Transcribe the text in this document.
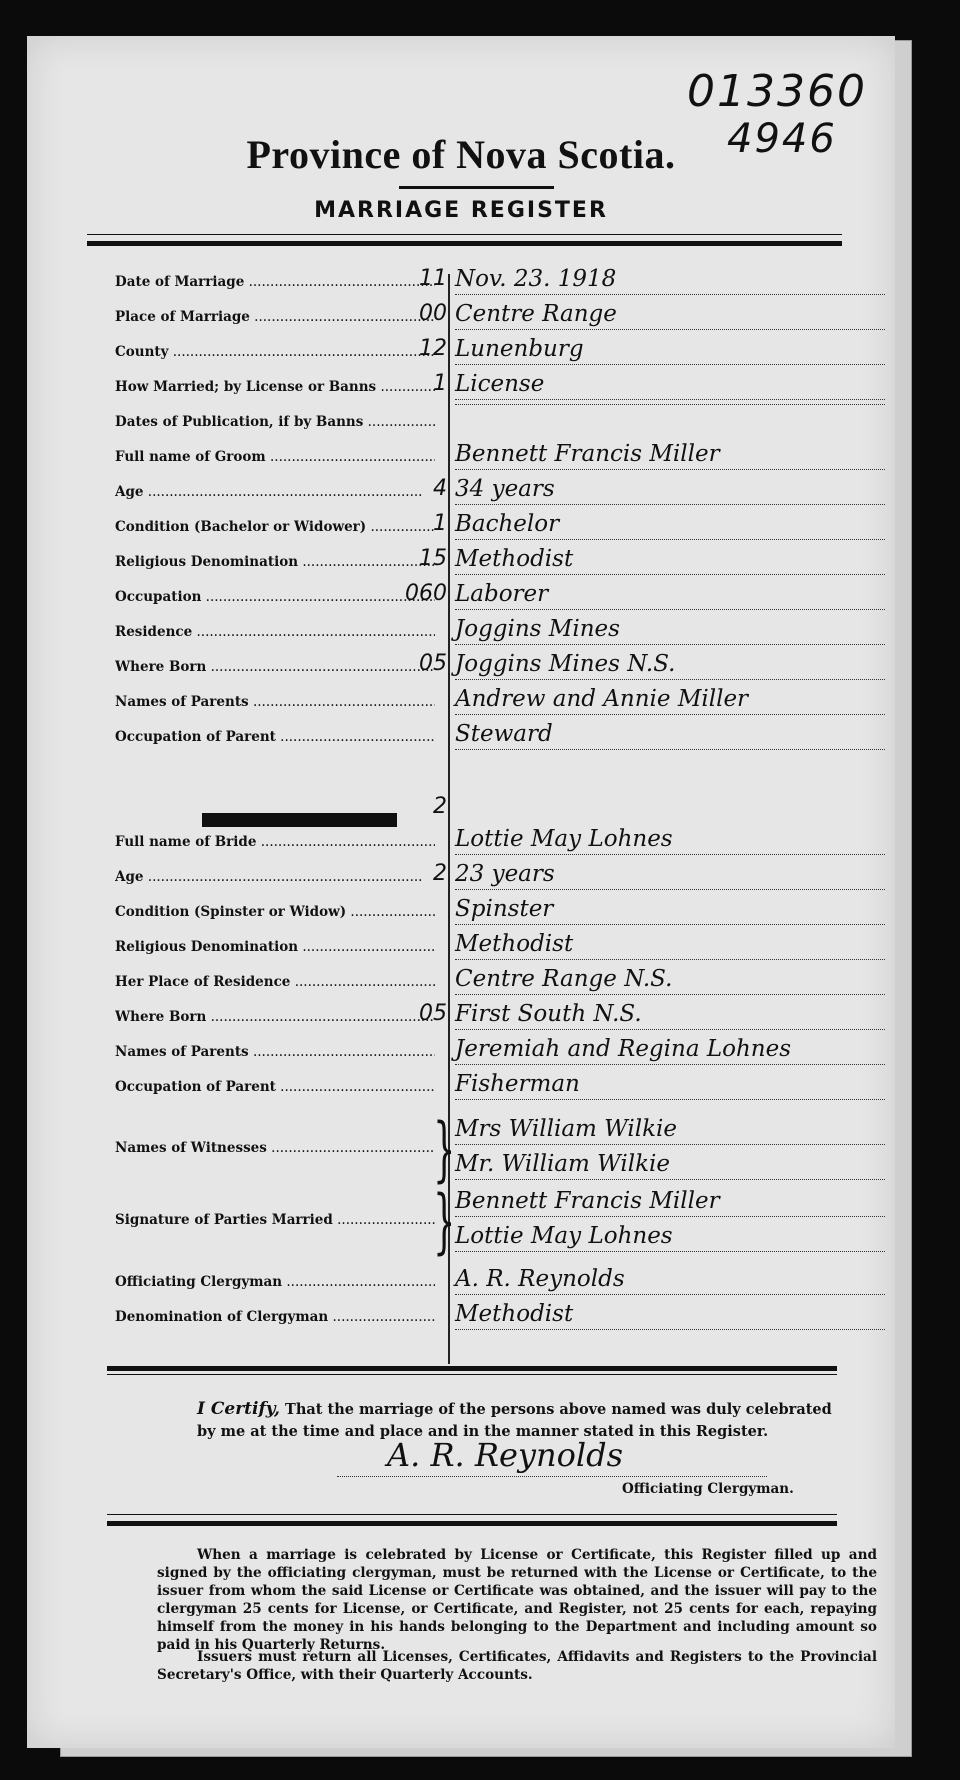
013360
4946
Province of Nova Scotia.
MARRIAGE REGISTER
Date of Marriage .....	11 Nov. 23. 1918
Place of Marriage .....	00 Centre Range
County .....	12 Lunenburg
How Married; by License or Banns .....	1 License
Dates of Publication, if by Banns .....
Full name of Groom .....	Bennett Francis Miller
Age .....	4 34 years
Condition (Bachelor or Widower) .....	1 Bachelor
Religious Denomination .....	15 Methodist
Occupation .....	060 Laborer
Residence .....	Joggins Mines
Where Born .....	05 Joggins Mines N.S.
Names of Parents .....	Andrew and Annie Miller
Occupation of Parent .....	Steward
2
Full name of Bride .....	Lottie May Lohnes
Age .....	2 23 years
Condition (Spinster or Widow) .....	Spinster
Religious Denomination .....	Methodist
Her Place of Residence .....	Centre Range N.S.
Where Born .....	05 First South N.S.
Names of Parents .....	Jeremiah and Regina Lohnes
Occupation of Parent .....	Fisherman
Names of Witnesses .....	} Mrs William Wilkie
Mr. William Wilkie
Signature of Parties Married .....	} Bennett Francis Miller
Lottie May Lohnes
Officiating Clergyman .....	A. R. Reynolds
Denomination of Clergyman .....	Methodist
I Certify, That the marriage of the persons above named was duly celebrated by me at the time and place and in the manner stated in this Register.
A. R. Reynolds
Officiating Clergyman.
When a marriage is celebrated by License or Certificate, this Register filled up and signed by the officiating clergyman, must be returned with the License or Certificate, to the issuer from whom the said License or Certificate was obtained, and the issuer will pay to the clergyman 25 cents for License, or Certificate, and Register, not 25 cents for each, repaying himself from the money in his hands belonging to the Department and including amount so paid in his Quarterly Returns.
Issuers must return all Licenses, Certificates, Affidavits and Registers to the Provincial Secretary's Office, with their Quarterly Accounts.
